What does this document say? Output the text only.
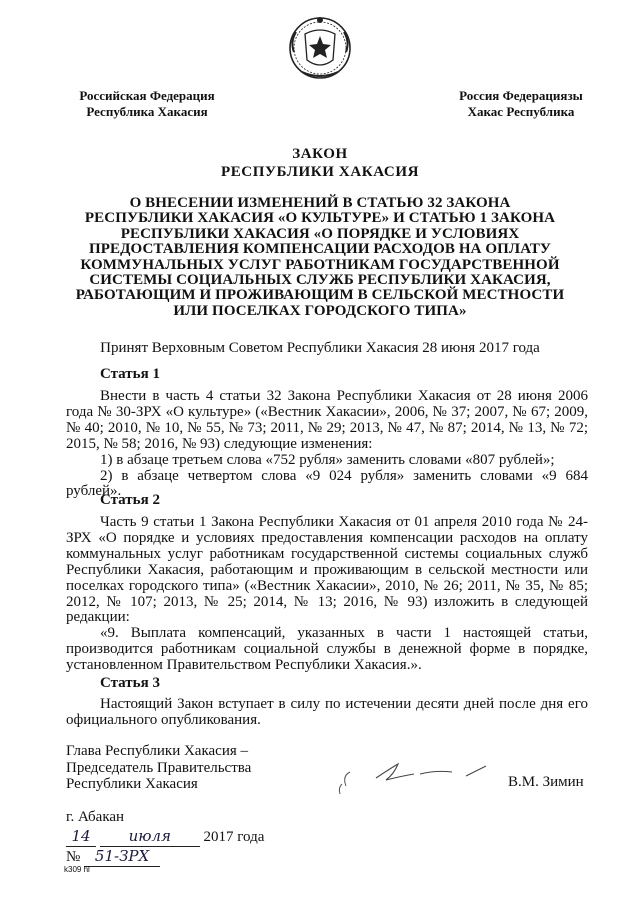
Российская Федерация
Республика Хакасия
Россия Федерациязы
Хакас Республика
ЗАКОН
РЕСПУБЛИКИ ХАКАСИЯ
О ВНЕСЕНИИ ИЗМЕНЕНИЙ В СТАТЬЮ 32 ЗАКОНА
РЕСПУБЛИКИ ХАКАСИЯ «О КУЛЬТУРЕ» И СТАТЬЮ 1 ЗАКОНА
РЕСПУБЛИКИ ХАКАСИЯ «О ПОРЯДКЕ И УСЛОВИЯХ
ПРЕДОСТАВЛЕНИЯ КОМПЕНСАЦИИ РАСХОДОВ НА ОПЛАТУ
КОММУНАЛЬНЫХ УСЛУГ РАБОТНИКАМ ГОСУДАРСТВЕННОЙ
СИСТЕМЫ СОЦИАЛЬНЫХ СЛУЖБ РЕСПУБЛИКИ ХАКАСИЯ,
РАБОТАЮЩИМ И ПРОЖИВАЮЩИМ В СЕЛЬСКОЙ МЕСТНОСТИ
ИЛИ ПОСЕЛКАХ ГОРОДСКОГО ТИПА»
Принят Верховным Советом Республики Хакасия 28 июня 2017 года
Статья 1

Внести в часть 4 статьи 32 Закона Республики Хакасия от 28 июня 2006 года № 30-ЗРХ «О культуре» («Вестник Хакасии», 2006, № 37; 2007, № 67; 2009, № 40; 2010, № 10, № 55, № 73; 2011, № 29; 2013, № 47, № 87; 2014, № 13, № 72; 2015, № 58; 2016, № 93) следующие изменения:

1) в абзаце третьем слова «752 рубля» заменить словами «807 рублей»;

2) в абзаце четвертом слова «9 024 рубля» заменить словами «9 684 рублей».

Статья 2

Часть 9 статьи 1 Закона Республики Хакасия от 01 апреля 2010 года № 24-ЗРХ «О порядке и условиях предоставления компенсации расходов на оплату коммунальных услуг работникам государственной системы социальных служб Республики Хакасия, работающим и проживающим в сельской местности или поселках городского типа» («Вестник Хакасии», 2010, № 26; 2011, № 35, № 85; 2012, № 107; 2013, № 25; 2014, № 13; 2016, № 93) изложить в следующей редакции:

«9. Выплата компенсаций, указанных в части 1 настоящей статьи, производится работникам социальной службы в денежной форме в порядке, установленном Правительством Республики Хакасия.».

Статья 3

Настоящий Закон вступает в силу по истечении десяти дней после дня его официального опубликования.

Глава Республики Хакасия –
Председатель Правительства
Республики Хакасия	В.М. Зимин
г. Абакан
14	июля 2017 года
№ 51-ЗРХ
k309 hl
